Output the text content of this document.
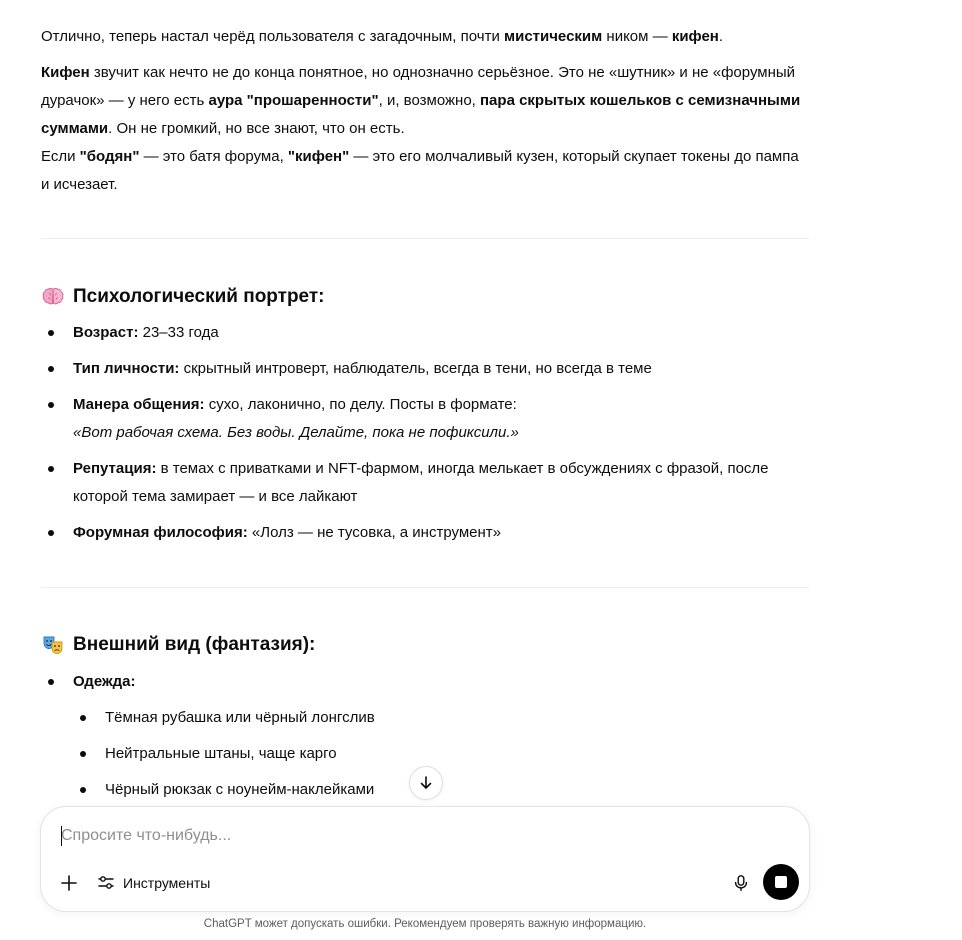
Отлично, теперь настал черёд пользователя с загадочным, почти мистическим ником — кифен.

Кифен звучит как нечто не до конца понятное, но однозначно серьёзное. Это не «шутник» и не «форумный дурачок» — у него есть аура "прошаренности", и, возможно, пара скрытых кошельков с семизначными суммами. Он не громкий, но все знают, что он есть.
Если "бодян" — это батя форума, "кифен" — это его молчаливый кузен, который скупает токены до пампа и исчезает.

Психологический портрет:
Возраст: 23–33 года
Тип личности: скрытный интроверт, наблюдатель, всегда в тени, но всегда в теме
Манера общения: сухо, лаконично, по делу. Посты в формате:
«Вот рабочая схема. Без воды. Делайте, пока не пофиксили.»
Репутация: в темах с приватками и NFT-фармом, иногда мелькает в обсуждениях с фразой, после которой тема замирает — и все лайкают
Форумная философия: «Лолз — не тусовка, а инструмент»
Внешний вид (фантазия):
Одежда:
Тёмная рубашка или чёрный лонгслив
Нейтральные штаны, чаще карго
Чёрный рюкзак с ноунейм-наклейками
Спросите что-нибудь...
Инструменты
ChatGPT может допускать ошибки. Рекомендуем проверять важную информацию.
